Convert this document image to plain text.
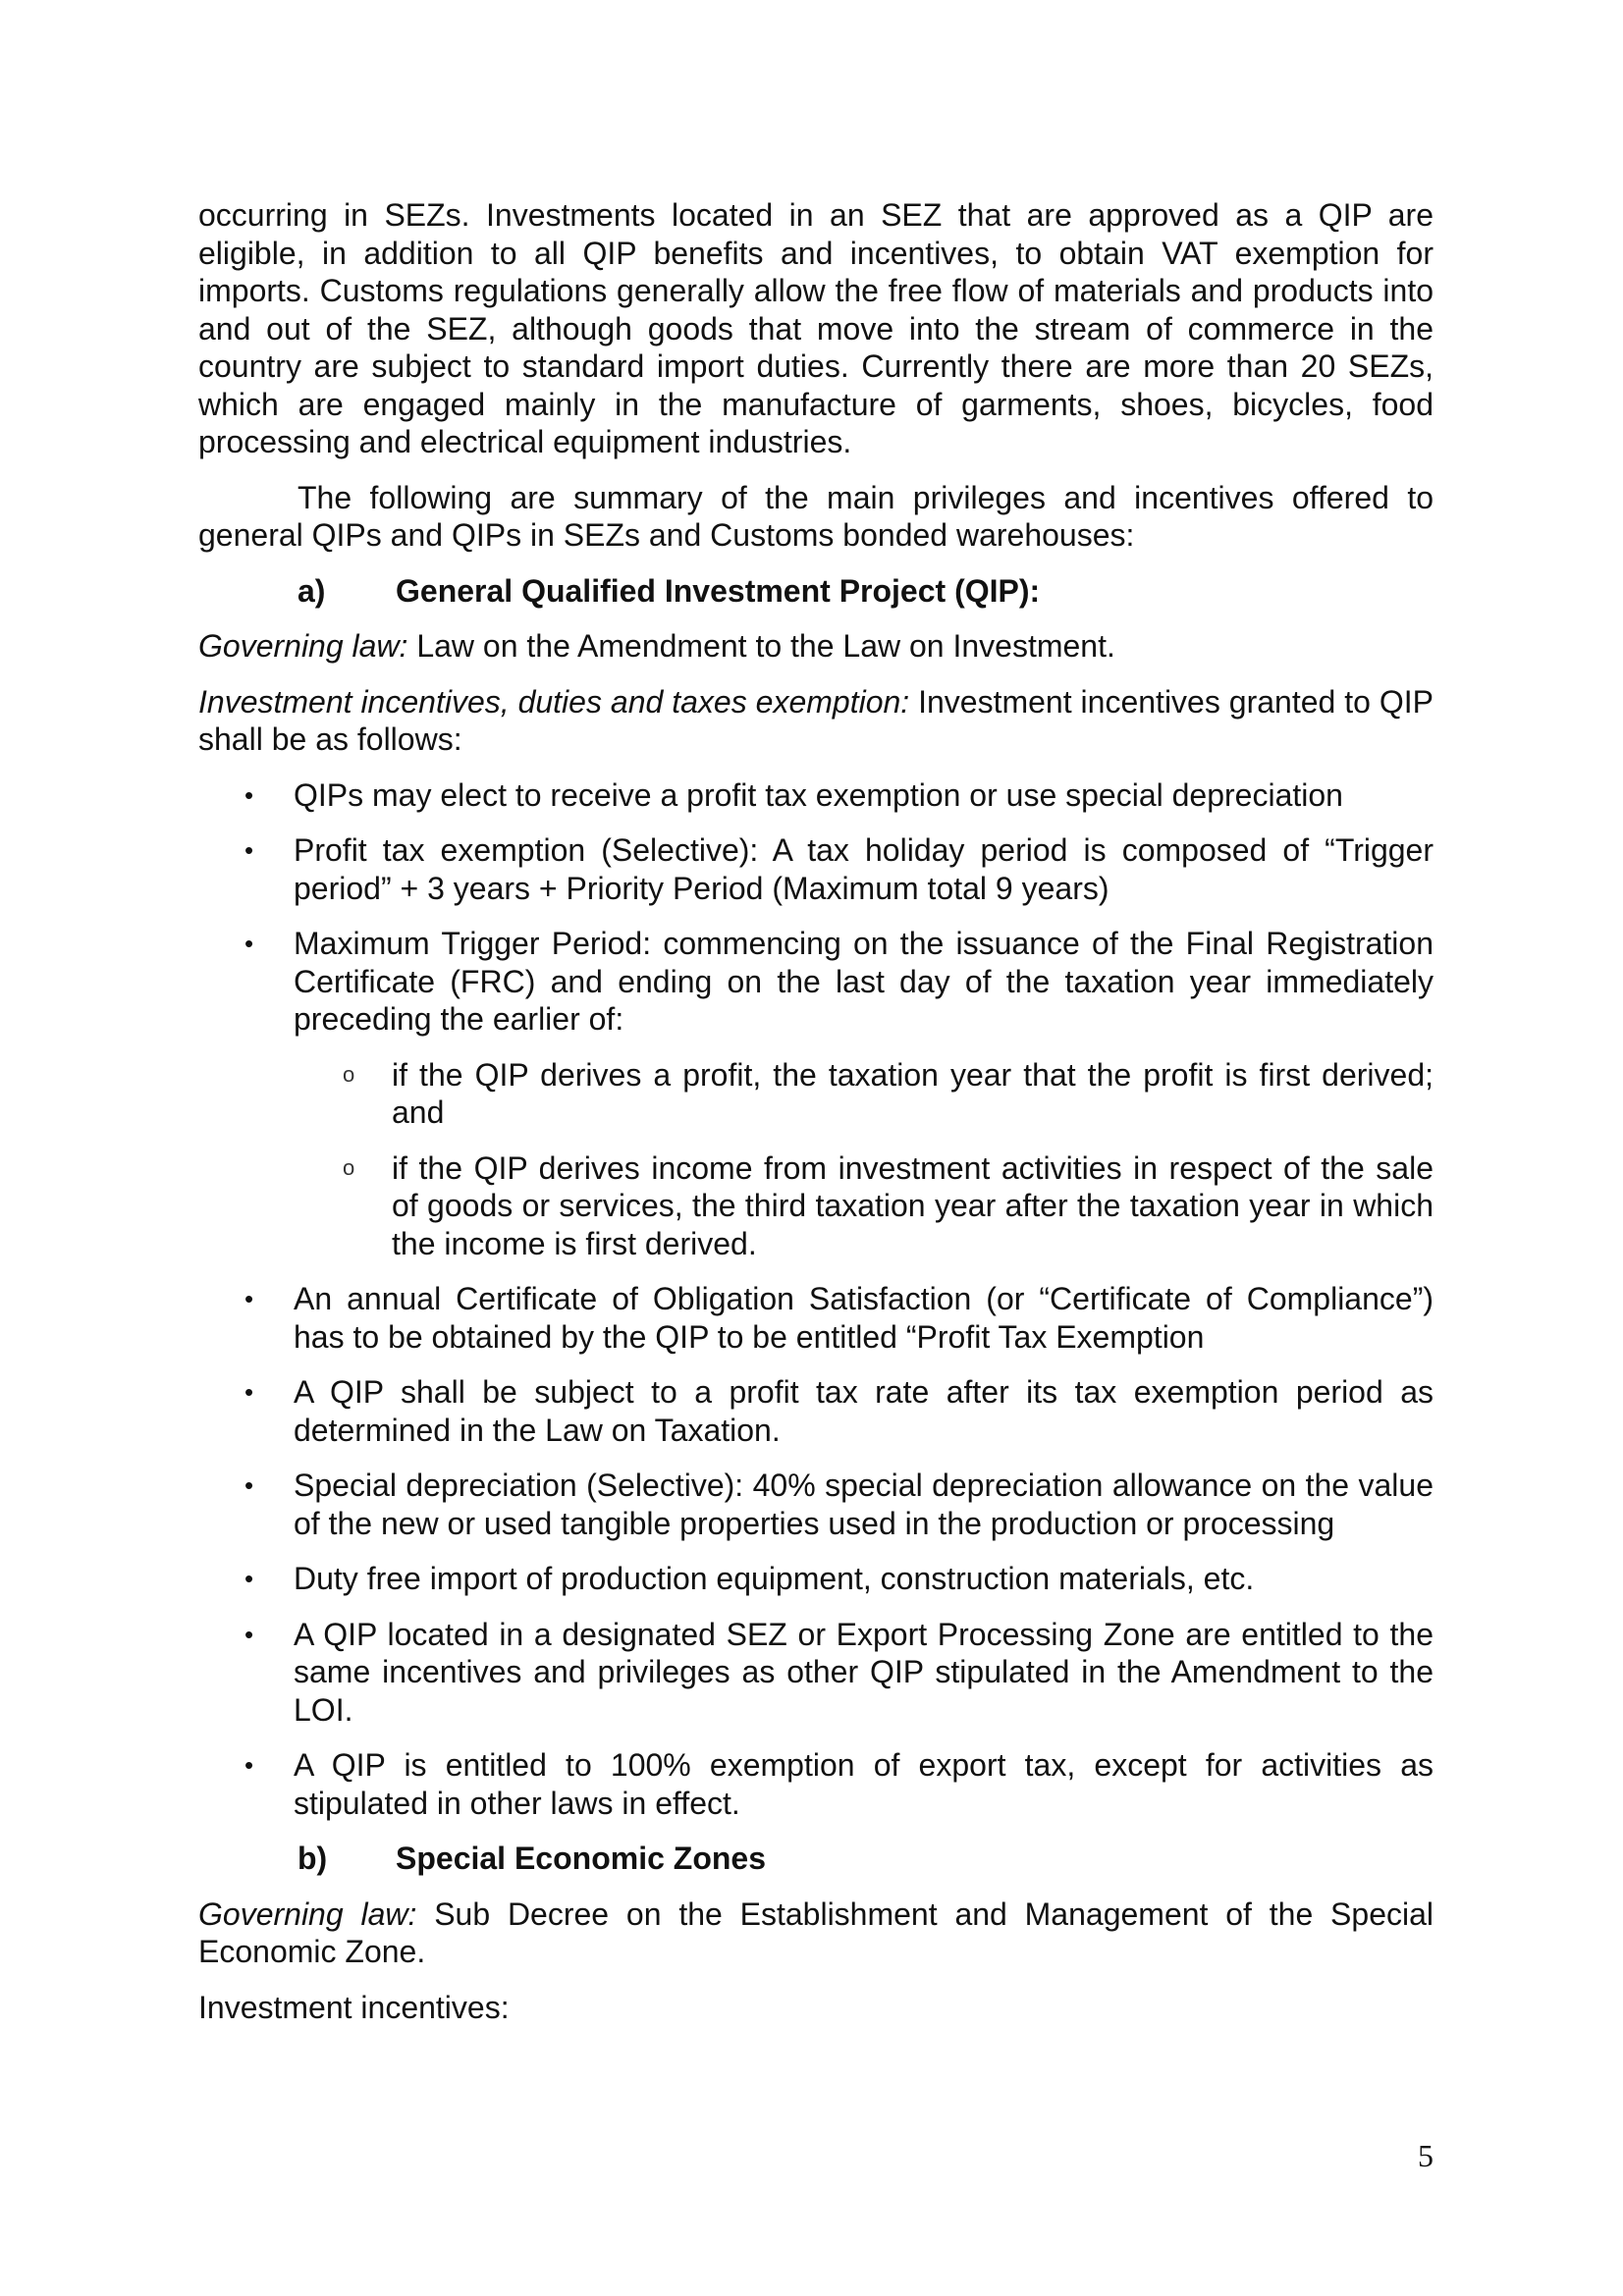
occurring in SEZs. Investments located in an SEZ that are approved as a QIP are eligible, in addition to all QIP benefits and incentives, to obtain VAT exemption for imports. Customs regulations generally allow the free flow of materials and products into and out of the SEZ, although goods that move into the stream of commerce in the country are subject to standard import duties. Currently there are more than 20 SEZs, which are engaged mainly in the manufacture of garments, shoes, bicycles, food processing and electrical equipment industries.

The following are summary of the main privileges and incentives offered to general QIPs and QIPs in SEZs and Customs bonded warehouses:

a)	General Qualified Investment Project (QIP):

Governing law: Law on the Amendment to the Law on Investment.

Investment incentives, duties and taxes exemption: Investment incentives granted to QIP shall be as follows:

•	QIPs may elect to receive a profit tax exemption or use special depreciation
•	Profit tax exemption (Selective): A tax holiday period is composed of “Trigger period” + 3 years + Priority Period (Maximum total 9 years)
•	Maximum Trigger Period: commencing on the issuance of the Final Registration Certificate (FRC) and ending on the last day of the taxation year immediately preceding the earlier of:
o	if the QIP derives a profit, the taxation year that the profit is first derived; and
o	if the QIP derives income from investment activities in respect of the sale of goods or services, the third taxation year after the taxation year in which the income is first derived.
•	An annual Certificate of Obligation Satisfaction (or “Certificate of Compliance”) has to be obtained by the QIP to be entitled “Profit Tax Exemption
•	A QIP shall be subject to a profit tax rate after its tax exemption period as determined in the Law on Taxation.
•	Special depreciation (Selective): 40% special depreciation allowance on the value of the new or used tangible properties used in the production or processing
•	Duty free import of production equipment, construction materials, etc.
•	A QIP located in a designated SEZ or Export Processing Zone are entitled to the same incentives and privileges as other QIP stipulated in the Amendment to the LOI.
•	A QIP is entitled to 100% exemption of export tax, except for activities as stipulated in other laws in effect.
b)	Special Economic Zones

Governing law: Sub Decree on the Establishment and Management of the Special Economic Zone.

Investment incentives:

5
